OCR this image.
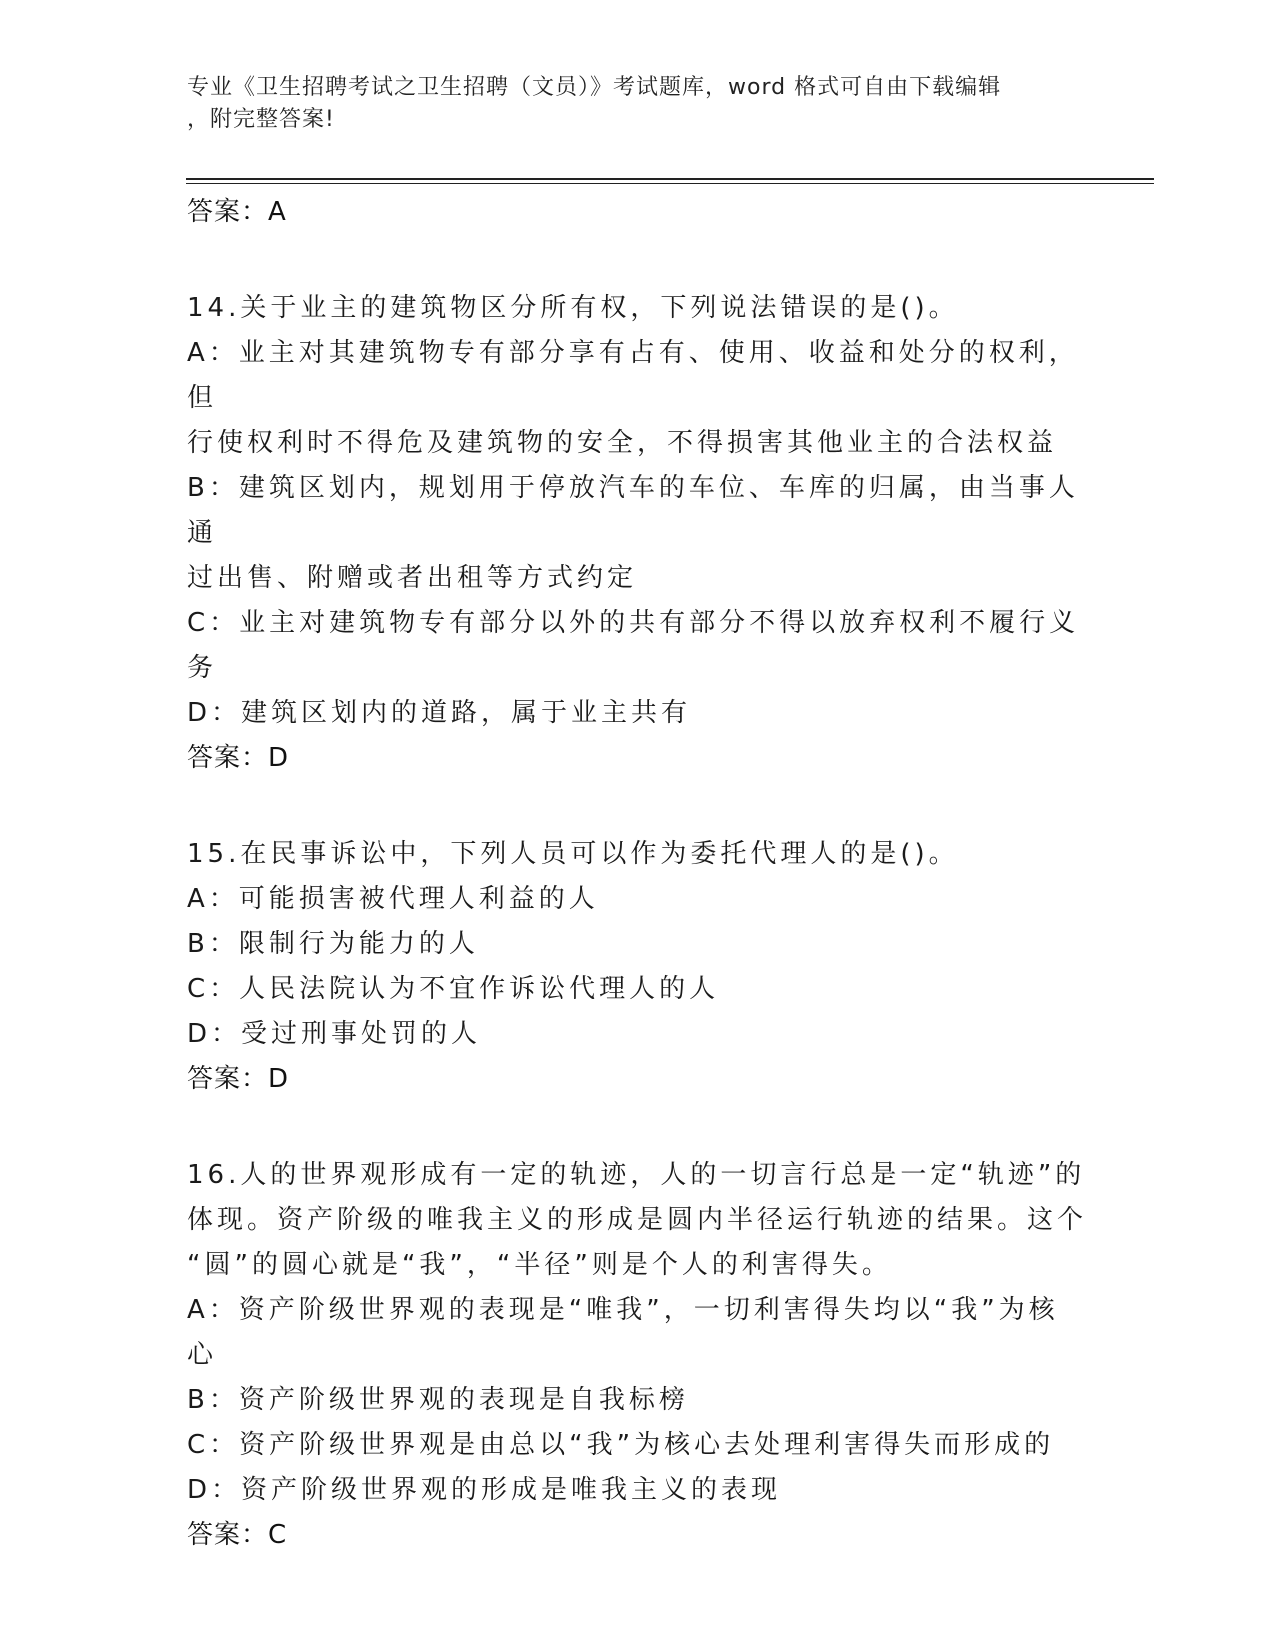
专业《卫生招聘考试之卫生招聘（文员）》考试题库，word 格式可自由下载编辑
，附完整答案!
答案：A
14.关于业主的建筑物区分所有权，下列说法错误的是()。
A：业主对其建筑物专有部分享有占有、使用、收益和处分的权利，但
行使权利时不得危及建筑物的安全，不得损害其他业主的合法权益
B：建筑区划内，规划用于停放汽车的车位、车库的归属，由当事人通
过出售、附赠或者出租等方式约定
C：业主对建筑物专有部分以外的共有部分不得以放弃权利不履行义务
D：建筑区划内的道路，属于业主共有
答案：D
15.在民事诉讼中，下列人员可以作为委托代理人的是()。
A：可能损害被代理人利益的人
B：限制行为能力的人
C：人民法院认为不宜作诉讼代理人的人
D：受过刑事处罚的人
答案：D
16.人的世界观形成有一定的轨迹，人的一切言行总是一定“轨迹”的
体现。资产阶级的唯我主义的形成是圆内半径运行轨迹的结果。这个
“圆”的圆心就是“我”，“半径”则是个人的利害得失。
A：资产阶级世界观的表现是“唯我”，一切利害得失均以“我”为核
心
B：资产阶级世界观的表现是自我标榜
C：资产阶级世界观是由总以“我”为核心去处理利害得失而形成的
D：资产阶级世界观的形成是唯我主义的表现
答案：C
